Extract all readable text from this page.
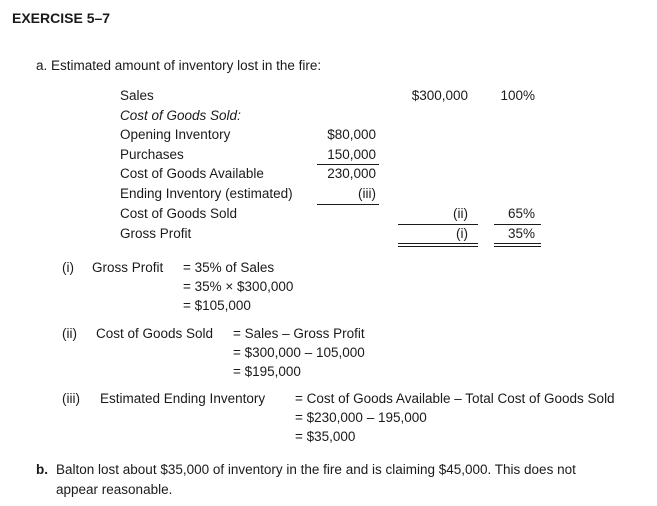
EXERCISE 5–7
a. Estimated amount of inventory lost in the fire:
Sales	$300,000	100%
Cost of Goods Sold:
Opening Inventory	$80,000
Purchases	150,000
Cost of Goods Available	230,000
Ending Inventory (estimated)	(iii)
Cost of Goods Sold	(ii)	65%
Gross Profit	(i)	35%
(i) Gross Profit = 35% of Sales
= 35% × $300,000
= $105,000
(ii) Cost of Goods Sold = Sales – Gross Profit
= $300,000 – 105,000
= $195,000
(iii) Estimated Ending Inventory = Cost of Goods Available – Total Cost of Goods Sold
= $230,000 – 195,000
= $35,000
b. Balton lost about $35,000 of inventory in the fire and is claiming $45,000. This does not
appear reasonable.
